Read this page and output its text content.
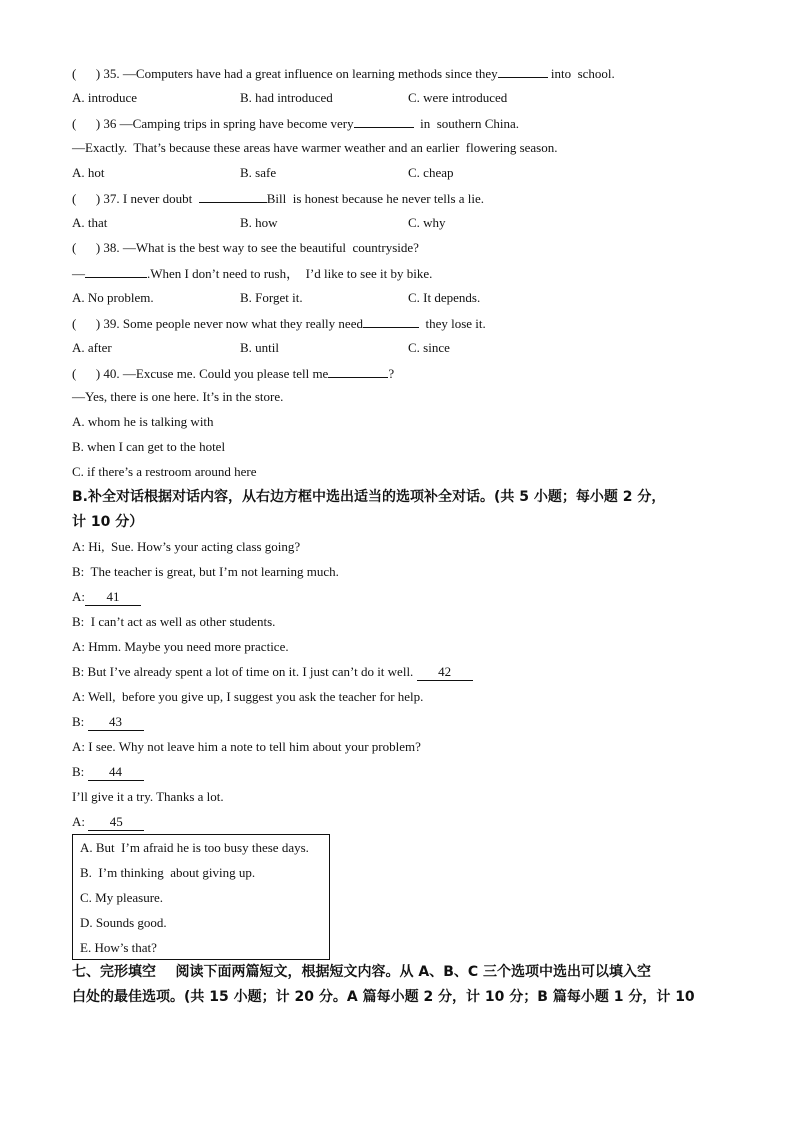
(      ) 35. —Computers have had a great influence on learning methods since they	into  school.
A. introduce	B. had introduced	C. were introduced
(      ) 36 —Camping trips in spring have become very	in  southern China.
—Exactly.  That’s because these areas have warmer weather and an earlier  flowering season.
A. hot	B. safe	C. cheap
(      ) 37. I never doubt	Bill  is honest because he never tells a lie.
A. that	B. how	C. why
(      ) 38. —What is the best way to see the beautiful  countryside?
—	.When I don’t need to rush，  I’d like to see it by bike.
A. No problem.	B. Forget it.	C. It depends.
(      ) 39. Some people never now what they really need	they lose it.
A. after	B. until	C. since
(      ) 40. —Excuse me. Could you please tell me	?
—Yes, there is one here. It’s in the store.
A. whom he is talking with
B. when I can get to the hotel
C. if there’s a restroom around here
B.补全对话根据对话内容，从右边方框中选出适当的选项补全对话。(共 5 小题；每小题 2 分，
计 10 分）
A: Hi,  Sue. How’s your acting class going?
B:  The teacher is great, but I’m not learning much.
A: 41
B:  I can’t act as well as other students.
A: Hmm. Maybe you need more practice.
B: But I’ve already spent a lot of time on it. I just can’t do it well. 42
A: Well,  before you give up, I suggest you ask the teacher for help.
B: 43
A: I see. Why not leave him a note to tell him about your problem?
B: 44
I’ll give it a try. Thanks a lot.
A: 45
A. But  I’m afraid he is too busy these days.
B.  I’m thinking  about giving up.
C. My pleasure.
D. Sounds good.
E. How’s that?
七、完形填空    阅读下面两篇短文，根据短文内容。从 A、B、C 三个选项中选出可以填入空
白处的最佳选项。(共 15 小题；计 20 分。A 篇每小题 2 分，计 10 分；B 篇每小题 1 分，计 10
